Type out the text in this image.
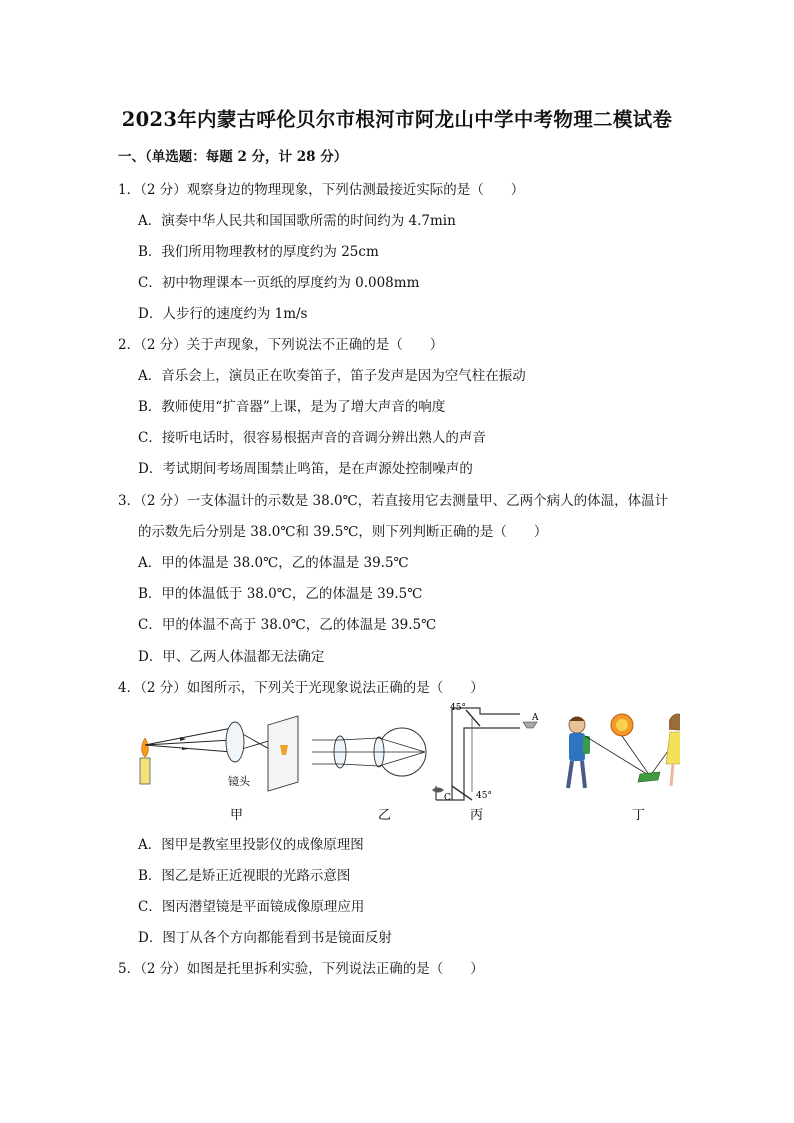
2023年内蒙古呼伦贝尔市根河市阿龙山中学中考物理二模试卷
一、（单选题：每题 2 分，计 28 分）
1．（2 分）观察身边的物理现象，下列估测最接近实际的是（　　）
A．演奏中华人民共和国国歌所需的时间约为 4.7min
B．我们所用物理教材的厚度约为 25cm
C．初中物理课本一页纸的厚度约为 0.008mm
D．人步行的速度约为 1m/s
2．（2 分）关于声现象，下列说法不正确的是（　　）
A．音乐会上，演员正在吹奏笛子，笛子发声是因为空气柱在振动
B．教师使用“扩音器”上课，是为了增大声音的响度
C．接听电话时，很容易根据声音的音调分辨出熟人的声音
D．考试期间考场周围禁止鸣笛，是在声源处控制噪声的
3．（2 分）一支体温计的示数是 38.0℃，若直接用它去测量甲、乙两个病人的体温，体温计
的示数先后分别是 38.0℃和 39.5℃，则下列判断正确的是（　　）
A．甲的体温是 38.0℃，乙的体温是 39.5℃
B．甲的体温低于 38.0℃，乙的体温是 39.5℃
C．甲的体温不高于 38.0℃，乙的体温是 39.5℃
D．甲、乙两人体温都无法确定
4．（2 分）如图所示，下列关于光现象说法正确的是（　　）
镜头
甲	乙
45°
45°
A
C
丙	丁
A．图甲是教室里投影仪的成像原理图
B．图乙是矫正近视眼的光路示意图
C．图丙潜望镜是平面镜成像原理应用
D．图丁从各个方向都能看到书是镜面反射
5．（2 分）如图是托里拆利实验，下列说法正确的是（　　）
